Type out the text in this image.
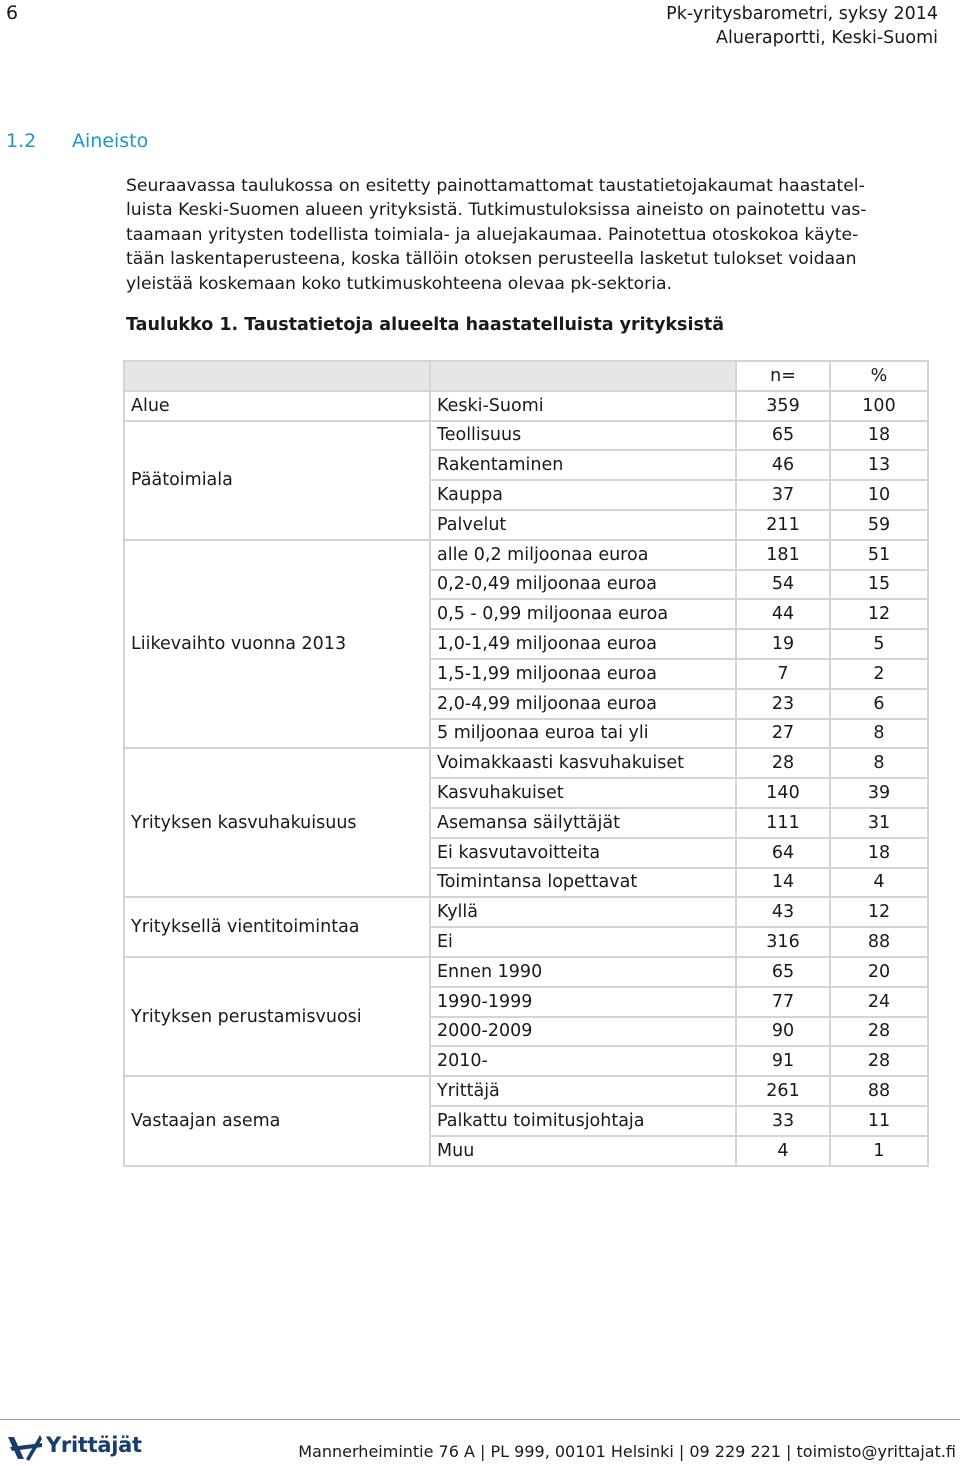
6	Pk-yritysbarometri, syksy 2014
Alueraportti, Keski-Suomi
1.2 Aineisto

Seuraavassa taulukossa on esitetty painottamattomat taustatietojakaumat haastatel-
luista Keski-Suomen alueen yrityksistä. Tutkimustuloksissa aineisto on painotettu vas-
taamaan yritysten todellista toimiala- ja aluejakaumaa. Painotettua otoskokoa käyte-
tään laskentaperusteena, koska tällöin otoksen perusteella lasketut tulokset voidaan
yleistää koskemaan koko tutkimuskohteena olevaa pk-sektoria.

Taulukko 1. Taustatietoja alueelta haastatelluista yrityksistä
		n=	%
Alue	Keski-Suomi	359	100
Päätoimiala	Teollisuus	65	18
	Rakentaminen	46	13
	Kauppa	37	10
	Palvelut	211	59
Liikevaihto vuonna 2013	alle 0,2 miljoonaa euroa	181	51
	0,2-0,49 miljoonaa euroa	54	15
	0,5 - 0,99 miljoonaa euroa	44	12
	1,0-1,49 miljoonaa euroa	19	5
	1,5-1,99 miljoonaa euroa	7	2
	2,0-4,99 miljoonaa euroa	23	6
	5 miljoonaa euroa tai yli	27	8
Yrityksen kasvuhakuisuus	Voimakkaasti kasvuhakuiset	28	8
	Kasvuhakuiset	140	39
	Asemansa säilyttäjät	111	31
	Ei kasvutavoitteita	64	18
	Toimintansa lopettavat	14	4
Yrityksellä vientitoimintaa	Kyllä	43	12
	Ei	316	88
Yrityksen perustamisvuosi	Ennen 1990	65	20
	1990-1999	77	24
	2000-2009	90	28
	2010-	91	28
Vastaajan asema	Yrittäjä	261	88
	Palkattu toimitusjohtaja	33	11
	Muu	4	1
Yrittäjät	Mannerheimintie 76 A | PL 999, 00101 Helsinki | 09 229 221 | toimisto@yrittajat.fi
